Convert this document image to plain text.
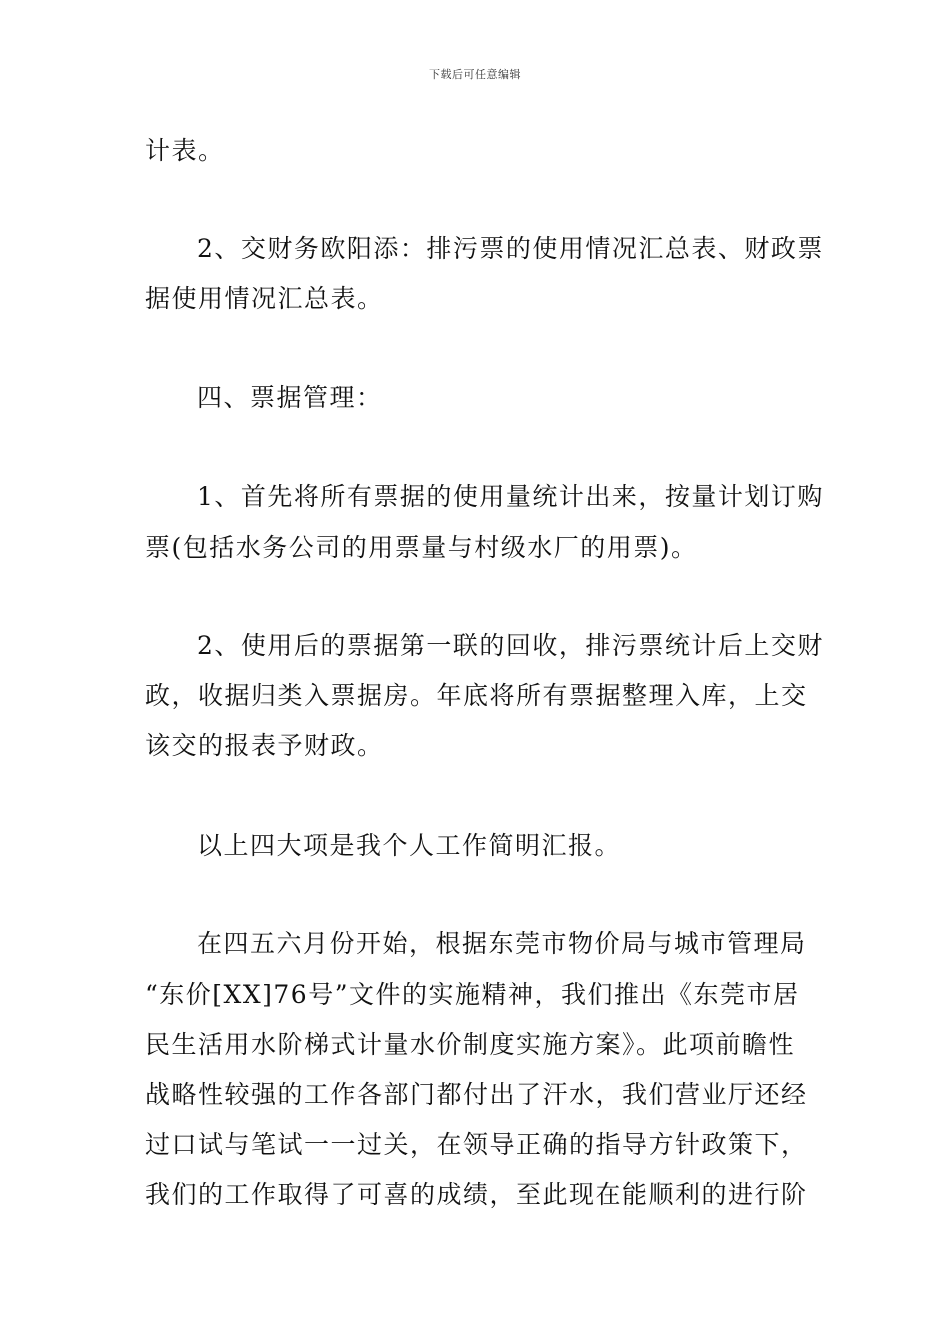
下载后可任意编辑
计表。
2、交财务欧阳添：排污票的使用情况汇总表、财政票
据使用情况汇总表。
四、票据管理：
1、首先将所有票据的使用量统计出来，按量计划订购
票(包括水务公司的用票量与村级水厂的用票)。
2、使用后的票据第一联的回收，排污票统计后上交财
政，收据归类入票据房。年底将所有票据整理入库，上交
该交的报表予财政。
以上四大项是我个人工作简明汇报。
在四五六月份开始，根据东莞市物价局与城市管理局
“东价[XX]76号”文件的实施精神，我们推出《东莞市居
民生活用水阶梯式计量水价制度实施方案》。此项前瞻性
战略性较强的工作各部门都付出了汗水，我们营业厅还经
过口试与笔试一一过关，在领导正确的指导方针政策下，
我们的工作取得了可喜的成绩，至此现在能顺利的进行阶
